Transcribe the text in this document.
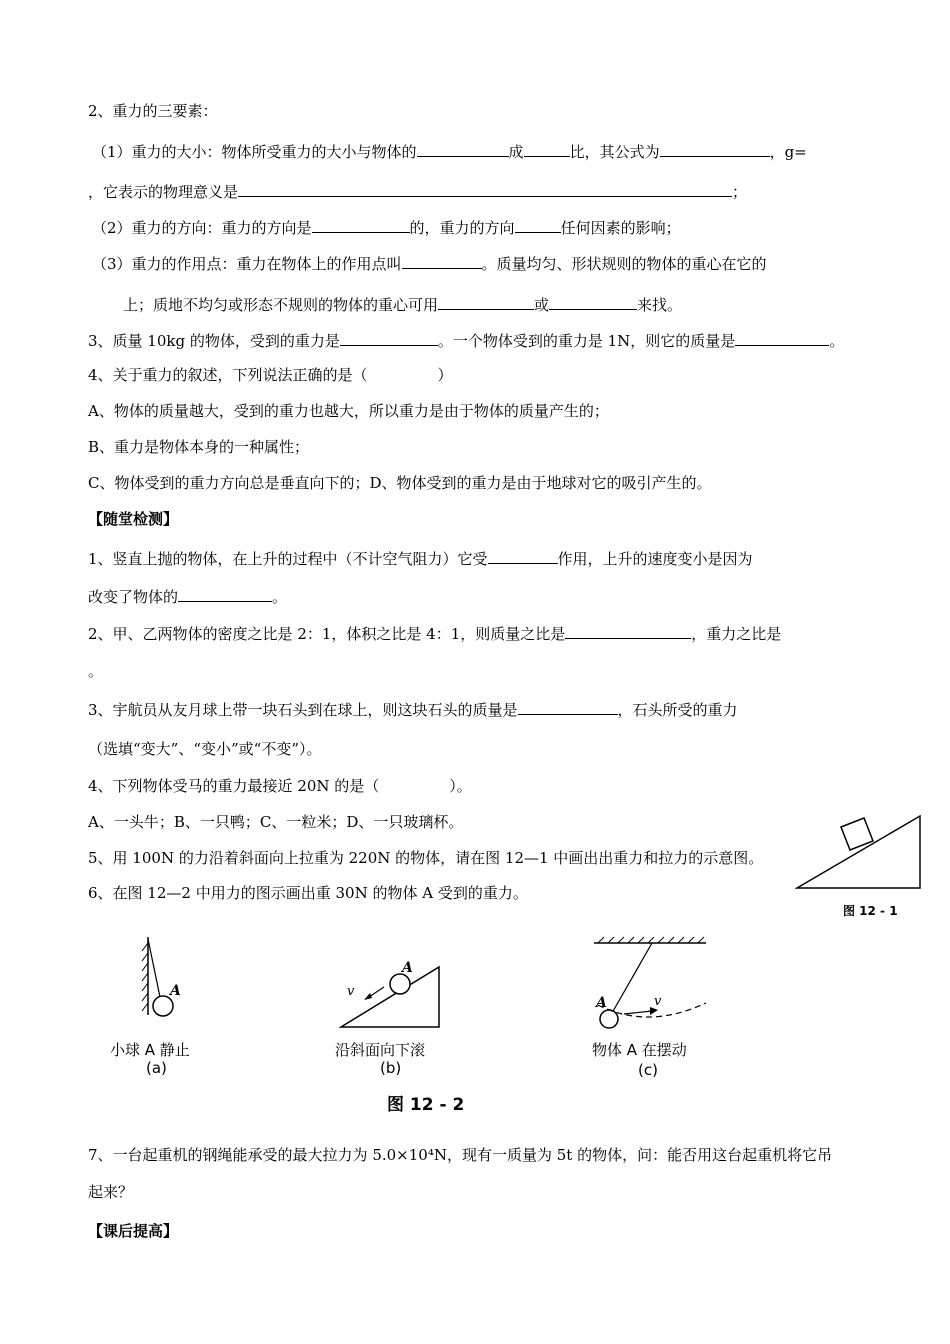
2、重力的三要素：
（1）重力的大小：物体所受重力的大小与物体的	成	比，其公式为	，g=
，它表示的物理意义是	；
（2）重力的方向：重力的方向是	的，重力的方向	任何因素的影响；
（3）重力的作用点：重力在物体上的作用点叫	。质量均匀、形状规则的物体的重心在它的
上；质地不均匀或形态不规则的物体的重心可用	或	来找。
3、质量 10kg 的物体，受到的重力是	。一个物体受到的重力是 1N，则它的质量是	。
4、关于重力的叙述，下列说法正确的是（	）
A、物体的质量越大，受到的重力也越大，所以重力是由于物体的质量产生的；
B、重力是物体本身的一种属性；
C、物体受到的重力方向总是垂直向下的；D、物体受到的重力是由于地球对它的吸引产生的。
【随堂检测】
1、竖直上抛的物体，在上升的过程中（不计空气阻力）它受	作用，上升的速度变小是因为
改变了物体的	。
2、甲、乙两物体的密度之比是 2：1，体积之比是 4：1，则质量之比是	，重力之比是
。
3、宇航员从友月球上带一块石头到在球上，则这块石头的质量是	，石头所受的重力
（选填“变大”、“变小”或“不变”）。
4、下列物体受马的重力最接近 20N 的是（	）。
A、一头牛；B、一只鸭；C、一粒米；D、一只玻璃杯。
5、用 100N 的力沿着斜面向上拉重为 220N 的物体，请在图 12—1 中画出出重力和拉力的示意图。
6、在图 12—2 中用力的图示画出重 30N 的物体 A 受到的重力。
图 12 - 1
A
小球 A 静止
(a)
v
A
沿斜面向下滚
(b)
v
A
物体 A 在摆动
(c)
图 12 - 2
7、一台起重机的钢绳能承受的最大拉力为 5.0×10⁴N，现有一质量为 5t 的物体，问：能否用这台起重机将它吊
起来？
【课后提高】
